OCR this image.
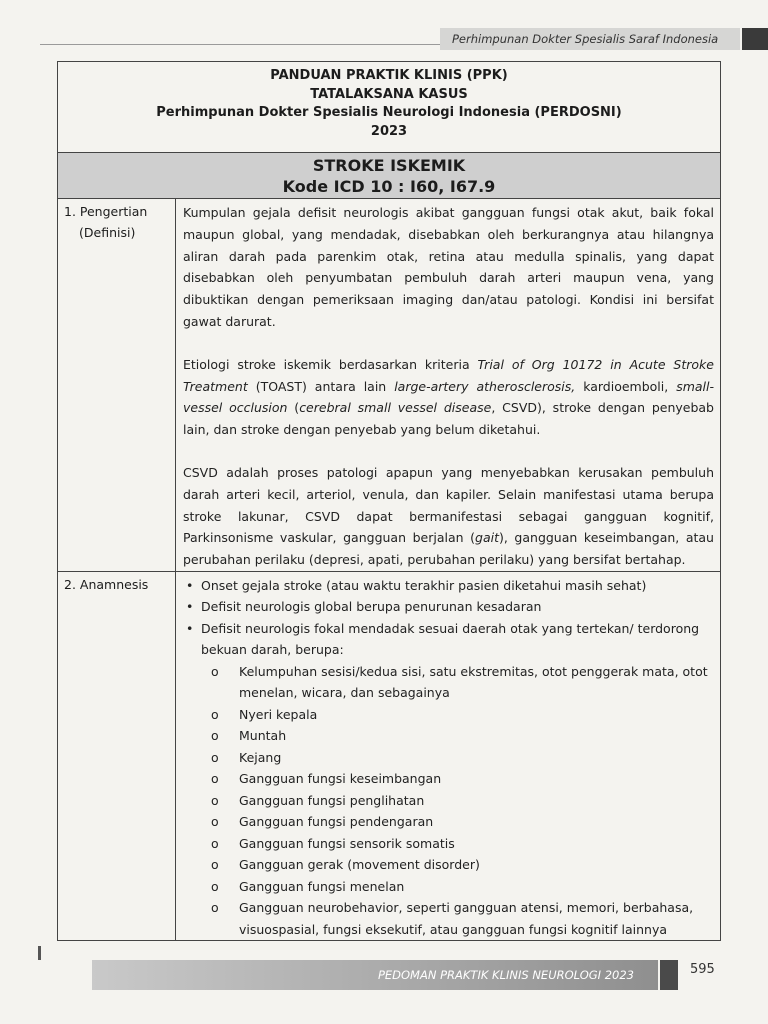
Perhimpunan Dokter Spesialis Saraf Indonesia
PANDUAN PRAKTIK KLINIS (PPK)
TATALAKSANA KASUS
Perhimpunan Dokter Spesialis Neurologi Indonesia (PERDOSNI)
2023
STROKE ISKEMIK
Kode ICD 10 : I60, I67.9
1. Pengertian
(Definisi)

Kumpulan gejala defisit neurologis akibat gangguan fungsi otak akut, baik fokal maupun global, yang mendadak, disebabkan oleh berkurangnya atau hilangnya aliran darah pada parenkim otak, retina atau medulla spinalis, yang dapat disebabkan oleh penyumbatan pembuluh darah arteri maupun vena, yang dibuktikan dengan pemeriksaan imaging dan/atau patologi. Kondisi ini bersifat gawat darurat.

Etiologi stroke iskemik berdasarkan kriteria Trial of Org 10172 in Acute Stroke Treatment (TOAST) antara lain large-artery atherosclerosis, kardioemboli, small-vessel occlusion (cerebral small vessel disease, CSVD), stroke dengan penyebab lain, dan stroke dengan penyebab yang belum diketahui.

CSVD adalah proses patologi apapun yang menyebabkan kerusakan pembuluh darah arteri kecil, arteriol, venula, dan kapiler. Selain manifestasi utama berupa stroke lakunar, CSVD dapat bermanifestasi sebagai gangguan kognitif, Parkinsonisme vaskular, gangguan berjalan (gait), gangguan keseimbangan, atau perubahan perilaku (depresi, apati, perubahan perilaku) yang bersifat bertahap.

2. Anamnesis
•	Onset gejala stroke (atau waktu terakhir pasien diketahui masih sehat)
• Defisit neurologis global berupa penurunan kesadaran
• Defisit neurologis fokal mendadak sesuai daerah otak yang tertekan/ terdorong bekuan darah, berupa:
o Kelumpuhan sesisi/kedua sisi, satu ekstremitas, otot penggerak mata, otot menelan, wicara, dan sebagainya
o Nyeri kepala
o Muntah
o Kejang
o Gangguan fungsi keseimbangan
o Gangguan fungsi penglihatan
o Gangguan fungsi pendengaran
o Gangguan fungsi sensorik somatis
o Gangguan gerak (movement disorder)
o Gangguan fungsi menelan
o Gangguan neurobehavior, seperti gangguan atensi, memori, berbahasa, visuospasial, fungsi eksekutif, atau gangguan fungsi kognitif lainnya
PEDOMAN PRAKTIK KLINIS NEUROLOGI 2023	595
